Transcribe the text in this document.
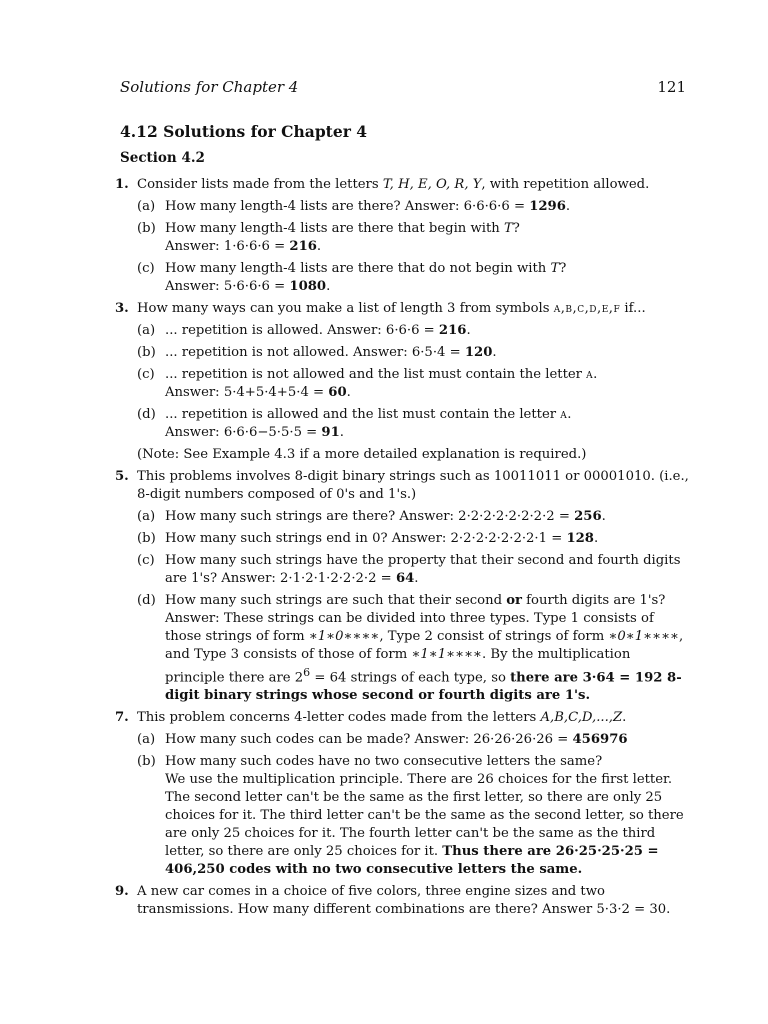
Solutions for Chapter 4	121
4.12 Solutions for Chapter 4
Section 4.2
1. Consider lists made from the letters T, H, E, O, R, Y, with repetition allowed.
(a) How many length-4 lists are there? Answer: 6·6·6·6 = 1296.
(b) How many length-4 lists are there that begin with T?
Answer: 1·6·6·6 = 216.
(c) How many length-4 lists are there that do not begin with T?
Answer: 5·6·6·6 = 1080.
3. How many ways can you make a list of length 3 from symbols a,b,c,d,e,f if...
(a) ... repetition is allowed. Answer: 6·6·6 = 216.
(b) ... repetition is not allowed. Answer: 6·5·4 = 120.
(c) ... repetition is not allowed and the list must contain the letter a.
Answer: 5·4+5·4+5·4 = 60.
(d) ... repetition is allowed and the list must contain the letter a.
Answer: 6·6·6−5·5·5 = 91.
(Note: See Example 4.3 if a more detailed explanation is required.)
5. This problems involves 8-digit binary strings such as 10011011 or 00001010. (i.e., 8-digit numbers composed of 0's and 1's.)
(a) How many such strings are there? Answer: 2·2·2·2·2·2·2·2 = 256.
(b) How many such strings end in 0? Answer: 2·2·2·2·2·2·2·1 = 128.
(c) How many such strings have the property that their second and fourth digits are 1's? Answer: 2·1·2·1·2·2·2·2 = 64.
(d) How many such strings are such that their second or fourth digits are 1's?
Answer: These strings can be divided into three types. Type 1 consists of those strings of form ∗1∗0∗∗∗∗, Type 2 consist of strings of form ∗0∗1∗∗∗∗, and Type 3 consists of those of form ∗1∗1∗∗∗∗. By the multiplication principle there are $2^6 = 64$ strings of each type, so there are 3·64 = 192 8-digit binary strings whose second or fourth digits are 1's.
7. This problem concerns 4-letter codes made from the letters A,B,C,D,...,Z.
(a) How many such codes can be made? Answer: 26·26·26·26 = 456976
(b) How many such codes have no two consecutive letters the same?
We use the multiplication principle. There are 26 choices for the first letter. The second letter can't be the same as the first letter, so there are only 25 choices for it. The third letter can't be the same as the second letter, so there are only 25 choices for it. The fourth letter can't be the same as the third letter, so there are only 25 choices for it. Thus there are 26·25·25·25 = 406,250 codes with no two consecutive letters the same.
9. A new car comes in a choice of five colors, three engine sizes and two transmissions. How many different combinations are there? Answer 5·3·2 = 30.
